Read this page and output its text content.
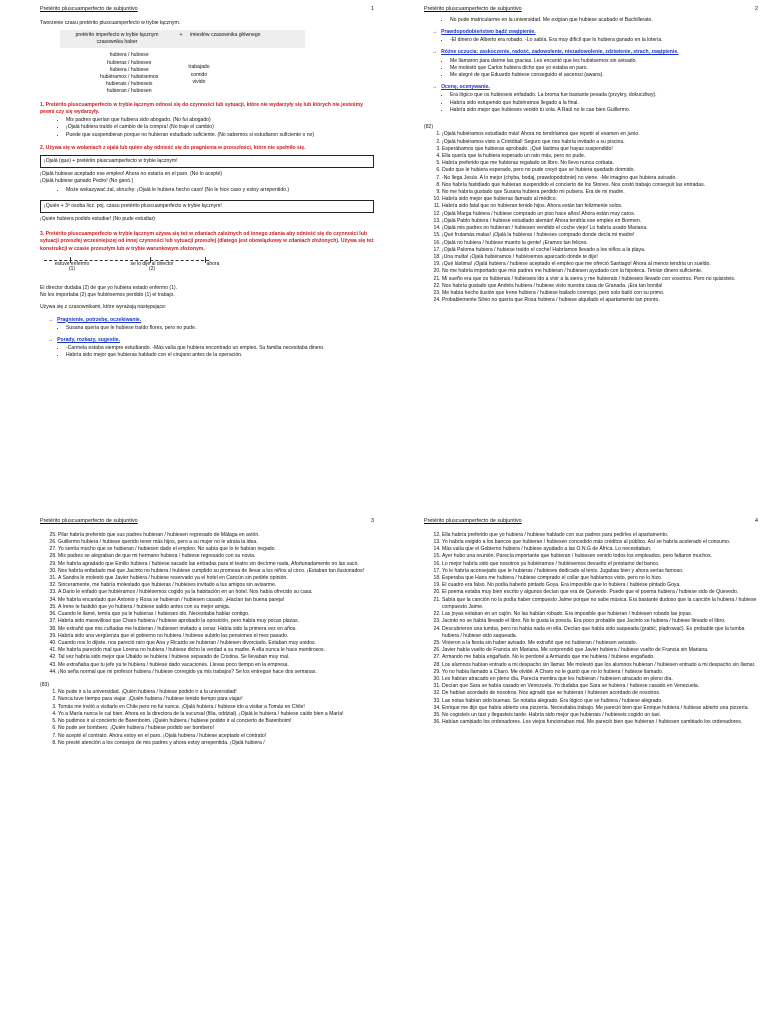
Pretérito pluscuamperfecto de subjuntivo	1
Tworzenie czasu pretérito pluscuamperfecto w trybie łącznym.
pretérito imperfecto w trybie łącznym czasownika haber
+	imiesłów czasownika głównego
hubiera / hubiese
hubieras / hubieses
hubiera / hubiese
hubiéramos / hubiésemos
hubierais / hubieseis
hubieran / hubiesen
trabajado
comido
vivido
1. Pretérito pluscuamperfecto w trybie łącznym odnosi się do czynności lub sytuacji, które nie wydarzyły się lub których nie jesteśmy pewni czy się wydarzyły.
• Mis padres querían que hubiera sido abogado. (No fui abogado)
• ¡Ojalá hubiera traído el cambio de la compra! (No traje el cambio)
• Puede que suspendieran porque no hubieran estudiado suficiente. (No sabemos si estudiaron suficiente o no)
2. Używa się w wołaniach z ojalá lub quién aby odnieść się do pragnienia w przeszłości, które nie spełniło się.
¡Ojalá (que) + pretérito pluscuamperfecto w trybie łącznym!
¡Ojalá hubiese aceptado ese empleo! Ahora no estaría en el paro. (No lo acepté)
¡Ojalá hubiese ganado Pedro! (No ganó.)
• Może wskazywać żal, skruchę: ¡Ojalá le hubiera hecho caso! (No le hice caso y estoy arrepentido.)
¡Quién + 3ª osoba licz. poj. czasu pretérito pluscuamperfecto w trybie łącznym!
¡Quién hubiera podido estudiar! (No pude estudiar)
3. Pretérito pluscuamperfecto w trybie łącznym używa się też w zdaniach zależnych od innego zdania aby odnieść się do czynności lub sytuacji przeszłej wcześniejszej od innej czynności lub sytuacji przeszłej (dlatego jest obowiązkowy w zdaniach złożonych). Używa się też konstrukcji w czasie przeszłym lub w trybie warunkowym złożonym.
estuve enfermo (1)
se lo dije al director (2)
ahora
El director dudaba (2) de que yo hubiera estado enfermo (1).
No les importaba (2) que hubiésemos perdido (1) el trabajo.
Używa się z czasownikami, które wyrażają następujące:
→ Pragnienie, potrzebę, oczekiwanie.
• Susana quería que le hubiese traído flores, pero no pude.
→ Porady, rozkazy, sugestie.
• -Carmela estaba siempre estudiando. -Más valía que hubiera encontrado un empleo. Su familia necesitaba dinero.
• Habría sido mejor que hubieras hablado con el cirujano antes de la operación.
Pretérito pluscuamperfecto de subjuntivo	2
• No pude matricularme en la universidad. Me exigían que hubiese acabado el Bachillerato.
→ Prawdopodobieństwo bądź zwątpienie.
• -El dinero de Alberto era robado. -Lo sabía. Era muy difícil que lo hubiera ganado en la lotería.
→ Różne uczucia: zaskoczenie, radość, zadowolenie, niezadowolenie, zdziwienie, strach, zwątpienie.
• Me llamaron para darme las gracias. Les encantó que les hubiésemos sin avisado.
• Me molestó que Carlos hubiera dicho que yo estaba en paro.
• Me alegré de que Eduardo hubiese conseguido el ascenso (awans).
→ Ocenę, ocenywanie.
• Era lógico que os hubieseis enfadado. La broma fue bastante pesada (przykry, dokuczliwy).
• Habría sido estupendo que hubiéramos llegado a la final.
• Habría sido mejor que hubieses venido tú sola. A Raúl no le cae bien Guillermo.
(82)
1. ¡Ojalá hubiéramos estudiado más! Ahora no tendríamos que repetir el examen en junio.
2. ¡Ojalá hubiéramos visto a Cristóbal! Seguro que nos habría invitado a su piscina.
3. Esperábamos que hubieras aprobado. ¡Qué lástima que hayas suspendido!
4. Ella quería que la hubiera esperado un rato más, pero no pude.
5. Habría preferido que me hubieras regalado un libro. No llevo nunca corbata.
6. Dudo que le hubiera esperado, pero no pude creyó que se hubiera quedado dormido.
7. -No llega Jesús. A lo mejor (chyba, bodaj, prawdopodobnie) no viene. -Me imagino que hubiera avisado.
8. Nos habría fastidiado que hubieran suspendido el concierto de los Stones. Nos costó trabajo conseguir las entradas.
9. No me habría gustado que Susana hubiera perdido mi pulsera. Era de mi madre.
10. Habría sido mejor que hubieras llamado al médico.
11. Habría sido fatal que no hubieran tenido hijos. Ahora están tan felizmente solos.
12. ¡Ojalá Marga hubiera / hubiese comprado un piso hace años! Ahora están muy caros.
13. ¡Ojalá Pablo hubiera / hubiese estudiado alemán! Ahora tendría ese empleo en Bremen.
14. ¡Ojalá mis padres no hubieran / hubiesen vendido el coche viejo! Lo habría usado Mariana.
15. ¡Qué frutamás malas! ¡Ojalá la hubieras / hubieses comprado donde decía mi madre!
16. ¡Ojalá no hubiera / hubiese muerto la gente! ¡Eramos tan felices.
17. ¡Ojalá Paloma hubiera / hubiese traído el coche! Habríamos llevado a los niños a la playa.
18. ¡Una multa! ¡Ojalá hubiéramos / hubiésemos aparcado donde te dije!
19. ¡Qué lástima! ¡Ojalá hubiera / hubiese aceptado el empleo que me ofreció Santiago! Ahora al menos tendría un sueldo.
20. No me habría importado que mis padres me hubieran / hubiesen ayudado con la hipoteca. Tenían dinero suficiente.
21. Mi sueño era que os hubierais / hubieseis ido a vivir a la sierra y me hubierais / hubieseis llevado con vosotros. Pero no quisisteis.
22. Nos habría gustado que Andrés hubiera / hubiese visto nuestra casa de Granada. ¡Era tan bonita!
23. Me había hecho ilusión que Irene hubiera / hubiese bailado conmigo, pero solo bailó con su primo.
24. Probablemente Silvio no quería que Rosa hubiera / hubiese alquilado el apartamento tan pronto.
Pretérito pluscuamperfecto de subjuntivo	3
25. Pilar habría preferido que sus padres hubieran / hubiesen regresado de Málaga en avión.
26. Guillermo hubiera / hubiese querido tener más hijos, pero a su mujer no le atraía la idea.
27. Yo sentía mucho que se hubieran / hubiesen dado el empleo. No sabía que lo te habían negado.
28. Mis padres se alegraban de que mi hermano hubiera / hubiese regresado con su novia.
29. Me habría agradado que Emilio hubiera / hubiese sacado las entradas para el teatro sin decírme nada. Afortunadamente no las sacó.
30. Nos habría enfadado mal que Jacinto no hubiera / hubiese cumplido su promesa de llevar a los niños al circo. ¡Estaban tan ilusionados!
31. A Sandra le molestó que Javier hubiera / hubiese reservado ya el hotel en Cancún sin pedirle opinión.
32. Sinceramente, me habría molestado que hubieras / hubieses invitado a tus amigos sin avisarme.
33. A Dario le enfadó que hubiéramos / hubiésemos cogido ya la habitación en un hotel. Nos había ofrecido su casa.
34. Me habría encantado que Antonio y Rosa se hubieran / hubiesen casado. ¡Hacían tan buena pareja!
35. A Irene le fastidió que yo hubiera / hubiese salido antes con su mejor amiga.
36. Cuando le llamé, temía que ya le hubieras / hubieses ido. Necesitaba hablar contigo.
37. Habría sido maravilloso que Charo hubiera / hubiese aprobado la oposición, pero había muy pocas plazas.
38. Me extrañó que mis cuñadas me hubieran / hubiesen invitado a cenar. Había sido la primera vez en años.
39. Habría sido una vergüenza que el gobierno no hubiera / hubiese subido las pensiones el mes pasado.
40. Cuando nos lo dijiste, nos pareció raro que Ana y Ricardo se hubieran / hubiesen divorciado. Estaban muy unidos.
41. Me habría parecido mal que Lorena no hubiera / hubiese dicho la verdad a su madre. A ella nunca le hace mentirosos.
42. Tal vez habría sido mejor que Ubaldo se hubiera / hubiese separado de Cristina. Se llevaban muy mal.
43. Me extrañaba que tu jefe ya te hubiera / hubiese dado vacaciones. Llevas poco tiempo en la empresa.
44. ¡No seña normal que mi profesor hubiera / hubiese corregido ya mis trabajos? Se los entregué hace dos semanas.
(83)
1. No pude ir a la universidad. ¡Quién hubiera / hubiese podido ir a la universidad!
2. Nunca tuve tiempo para viajar. ¡Quién hubiera / hubiese tenido tiempo para viajar!
3. Tomás me invitó a visitarlo en Chile pero no fui nunca. ¡Ojalá hubiera / hubiese ido a visitar a Tomás en Chile!
4. Yo a María nunca le caí bien. Ahora es la directora de la sucursal (filia, oddział). ¡Ojalá le hubiera / hubiese caído bien a María!
5. No pudimos ir al concierto de Barenboim. ¡Quién hubiera / hubiese podido ir al concierto de Barenboim!
6. No pude ser bombero. ¡Quién hubiera / hubiese podido ser bombero!
7. No acepté el contrato. Ahora estoy en el paro. ¡Ojalá hubiera / hubiese aceptado el contrato!
8. No presté atención a los consejos de mis padres y ahora estoy arrepentida. ¡Ojalá hubiera /
Pretérito pluscuamperfecto de subjuntivo	4
12. Ella habría preferido que yo hubiera / hubiese hablado con sus padres para pedirles el apartamento.
13. Yo habría exigido a los bancos que hubieran / hubiesen concedido más créditos al público. Así se habría acelerado el consumo.
14. Más valía que el Gobierno hubiera / hubiese ayudado a las O.N.G de África. Lo necesitaban.
15. Ayer hubo una reunión. Parecía importante que hubieran / hubiesen venido todos los empleados, pero faltaron muchos.
16. Lo mejor habría sido que nosotros ya hubiéramos / hubiésemos devuelto el préstamo del banco.
17. Yo le habría aconsejado que le hubieras / hubieses dedicado al tenis. Jugabas bien y ahora serías famoso.
18. Esperaba que Hans me hubiera / hubiese comprado el collar que habíamos visto, pero no lo hizo.
19. El cuadro era falso. No podía haberlo pintado Goya. Era imposible que lo hubiera / hubiese pintado Goya.
20. El poema estaba muy bien escrito y algunos decían que era de Quevedo. Puede que el poema hubiera / hubiese sido de Quevedo.
21. Sabía que la canción no la podía haber compuesto Jaime porque no sabe música. Era bastante dudoso que la canción la hubiera / hubiese compuesto Jaime.
22. Las joyas estaban en un cajón. No las habían robado. Era imposible que hubieran / hubiesen robado las joyas.
23. Jacinto no se había llevado el libro. No le gusta la poesía. Era poco probable que Jacinto se hubiera / hubiese llevado el libro.
24. Descubrieron una tumba, pero no había nada en ella. Decían que había sido saqueada (grabić, plądrować). Es probable que la tumba hubiera / hubiese sido saqueada.
25. Vinieron a la fiesta sin haber avisado. Me extrañó que no hubieran / hubiesen avisado.
26. Javier había vuelto de Francia sin Mariana. Me sorprendió que Javier hubiera / hubiese vuelto de Francia sin Mariana.
27. Armando me había engañado. No le perdoné a Armando que me hubiera / hubiese engañado.
28. Los alumnos habían entrado a mi despacho sin llamar. Me molestó que los alumnos hubieran / hubiesen entrado a mi despacho sin llamar.
29. Yo no había llamado a Charo. Me olvidé. A Charo no le gustó que no lo hubiera / hubiese llamado.
30. Les habían atracado en pleno día. Parecía mentira que les hubieran / hubiesen atracado en pleno día.
31. Decían que Sara se había casado en Venezuela. Yo dudaba que Sara se hubiera / hubiese casado en Venezuela.
32. De habían acordado de nosotros. Nos agradó que se hubieran / hubiesen acordado de nosotros.
33. Las notas habían sido buenas. Se notaba alegrado. Era lógico que se hubiera / hubiese alegrado.
34. Enrique me dijo que había abierto una pizzería. Necesitaba trabajo. Me pareció bien que Enrique hubiera / hubiese abierto una pizzería.
35. No cogisteis un taxi y llegasteis tarde. Habría sido mejor que hubierais / hubieseis cogido un taxi.
36. Habían cambiado los ordenadores. Los viejos funcionaban mal. Me pareció bien que hubieran / hubiesen cambiado los ordenadores.
